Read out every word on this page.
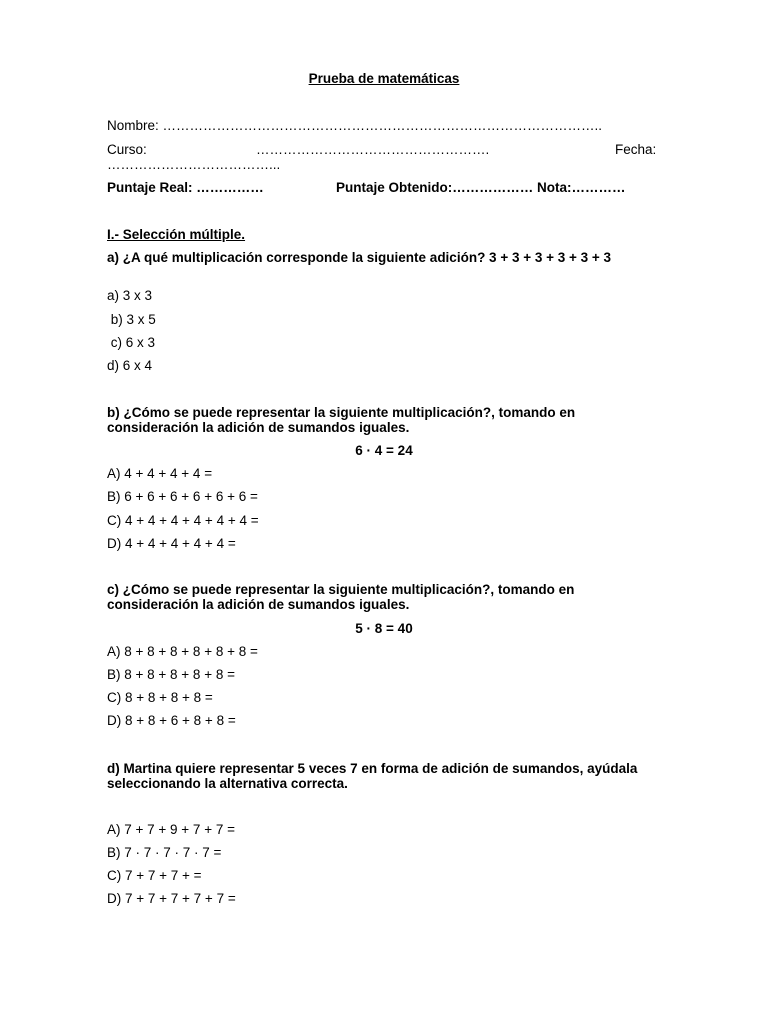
Prueba de matemáticas
Nombre: ……………………………………………………………………………………..
Curso:	…………………………………………….	Fecha:
………………………………...
Puntaje Real: ……………	Puntaje Obtenido:……………… Nota:…………
I.- Selección múltiple.
a) ¿A qué multiplicación corresponde la siguiente adición? 3 + 3 + 3 + 3 + 3 + 3
a) 3 x 3
b) 3 x 5
c) 6 x 3
d) 6 x 4
b) ¿Cómo se puede representar la siguiente multiplicación?, tomando en consideración la adición de sumandos iguales.
6 · 4 = 24
A) 4 + 4 + 4 + 4 =
B) 6 + 6 + 6 + 6 + 6 + 6 =
C) 4 + 4 + 4 + 4 + 4 + 4 =
D) 4 + 4 + 4 + 4 + 4 =
c) ¿Cómo se puede representar la siguiente multiplicación?, tomando en consideración la adición de sumandos iguales.
5 · 8 = 40
A) 8 + 8 + 8 + 8 + 8 + 8 =
B) 8 + 8 + 8 + 8 + 8 =
C) 8 + 8 + 8 + 8 =
D) 8 + 8 + 6 + 8 + 8 =
d) Martina quiere representar 5 veces 7 en forma de adición de sumandos, ayúdala seleccionando la alternativa correcta.
A) 7 + 7 + 9 + 7 + 7 =
B) 7 · 7 · 7 · 7 · 7 =
C) 7 + 7 + 7 + =
D) 7 + 7 + 7 + 7 + 7 =
